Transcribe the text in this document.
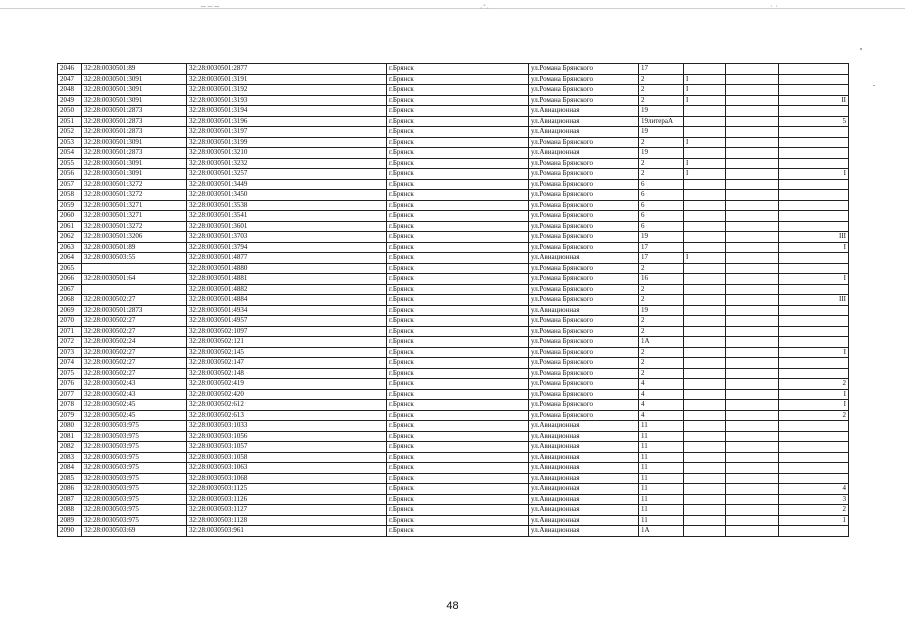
~~~	·ˆ·	· ·
2046	32:28:0030501:89	32:28:0030501:2877	г.Брянск	ул.Романа Брянского	17			
2047	32:28:0030501:3091	32:28:0030501:3191	г.Брянск	ул.Романа Брянского	2	I		
2048	32:28:0030501:3091	32:28:0030501:3192	г.Брянск	ул.Романа Брянского	2	I		
2049	32:28:0030501:3091	32:28:0030501:3193	г.Брянск	ул.Романа Брянского	2	I		II
2050	32:28:0030501:2873	32:28:0030501:3194	г.Брянск	ул.Авиационная	19			
2051	32:28:0030501:2873	32:28:0030501:3196	г.Брянск	ул.Авиационная	19литераА			5
2052	32:28:0030501:2873	32:28:0030501:3197	г.Брянск	ул.Авиационная	19			
2053	32:28:0030501:3091	32:28:0030501:3199	г.Брянск	ул.Романа Брянского	2	I		
2054	32:28:0030501:2873	32:28:0030501:3210	г.Брянск	ул.Авиационная	19			
2055	32:28:0030501:3091	32:28:0030501:3232	г.Брянск	ул.Романа Брянского	2	I		
2056	32:28:0030501:3091	32:28:0030501:3257	г.Брянск	ул.Романа Брянского	2	I		I
2057	32:28:0030501:3272	32:28:0030501:3449	г.Брянск	ул.Романа Брянского	6			
2058	32:28:0030501:3272	32:28:0030501:3450	г.Брянск	ул.Романа Брянского	6			
2059	32:28:0030501:3271	32:28:0030501:3538	г.Брянск	ул.Романа Брянского	6			
2060	32:28:0030501:3271	32:28:0030501:3541	г.Брянск	ул.Романа Брянского	6			
2061	32:28:0030501:3272	32:28:0030501:3601	г.Брянск	ул.Романа Брянского	6			
2062	32:28:0030501:3206	32:28:0030501:3703	г.Брянск	ул.Романа Брянского	19			III
2063	32:28:0030501:89	32:28:0030501:3794	г.Брянск	ул.Романа Брянского	17			I
2064	32:28:0030503:55	32:28:0030501:4877	г.Брянск	ул.Авиационная	17	I		
2065		32:28:0030501:4880	г.Брянск	ул.Романа Брянского	2			
2066	32:28:0030501:64	32:28:0030501:4881	г.Брянск	ул.Романа Брянского	16			I
2067		32:28:0030501:4882	г.Брянск	ул.Романа Брянского	2			
2068	32:28:0030502:27	32:28:0030501:4884	г.Брянск	ул.Романа Брянского	2			III
2069	32:28:0030501:2873	32:28:0030501:4934	г.Брянск	ул.Авиационная	19			
2070	32:28:0030502:27	32:28:0030501:4957	г.Брянск	ул.Романа Брянского	2			
2071	32:28:0030502:27	32:28:0030502:1097	г.Брянск	ул.Романа Брянского	2			
2072	32:28:0030502:24	32:28:0030502:121	г.Брянск	ул.Романа Брянского	1А			
2073	32:28:0030502:27	32:28:0030502:145	г.Брянск	ул.Романа Брянского	2			I
2074	32:28:0030502:27	32:28:0030502:147	г.Брянск	ул.Романа Брянского	2			
2075	32:28:0030502:27	32:28:0030502:148	г.Брянск	ул.Романа Брянского	2			
2076	32:28:0030502:43	32:28:0030502:419	г.Брянск	ул.Романа Брянского	4			2
2077	32:28:0030502:43	32:28:0030502:420	г.Брянск	ул.Романа Брянского	4			I
2078	32:28:0030502:45	32:28:0030502:612	г.Брянск	ул.Романа Брянского	4			I
2079	32:28:0030502:45	32:28:0030502:613	г.Брянск	ул.Романа Брянского	4			2
2080	32:28:0030503:975	32:28:0030503:1033	г.Брянск	ул.Авиационная	11			
2081	32:28:0030503:975	32:28:0030503:1056	г.Брянск	ул.Авиационная	11			
2082	32:28:0030503:975	32:28:0030503:1057	г.Брянск	ул.Авиационная	11			
2083	32:28:0030503:975	32:28:0030503:1058	г.Брянск	ул.Авиационная	11			
2084	32:28:0030503:975	32:28:0030503:1063	г.Брянск	ул.Авиационная	11			
2085	32:28:0030503:975	32:28:0030503:1068	г.Брянск	ул.Авиационная	11			
2086	32:28:0030503:975	32:28:0030503:1125	г.Брянск	ул.Авиационная	11			4
2087	32:28:0030503:975	32:28:0030503:1126	г.Брянск	ул.Авиационная	11			3
2088	32:28:0030503:975	32:28:0030503:1127	г.Брянск	ул.Авиационная	11			2
2089	32:28:0030503:975	32:28:0030503:1128	г.Брянск	ул.Авиационная	11			1
2090	32:28:0030503:69	32:28:0030503:961	г.Брянск	ул.Авиационная	1А			
48
